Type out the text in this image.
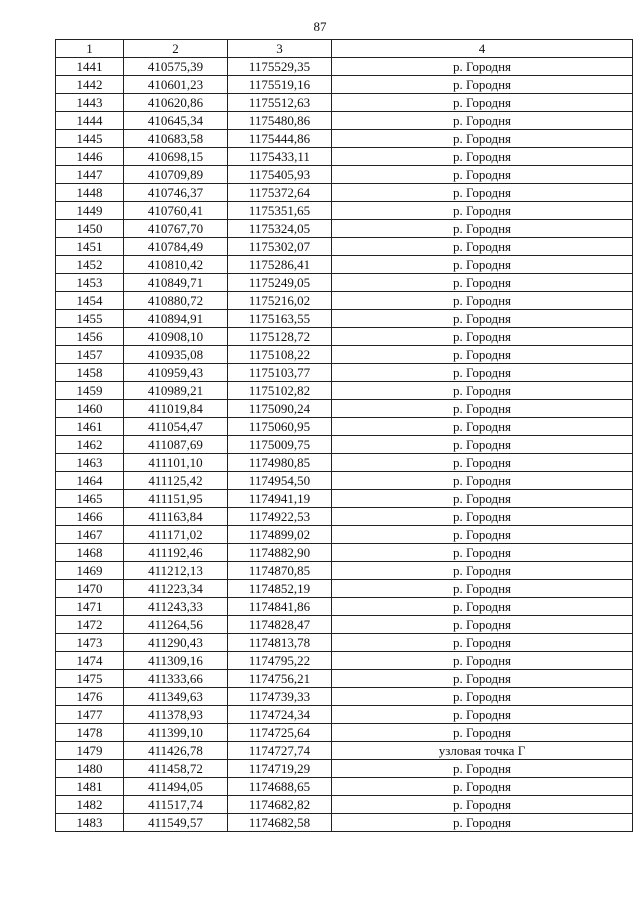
87
1	2	3	4
1441	410575,39	1175529,35	р. Городня
1442	410601,23	1175519,16	р. Городня
1443	410620,86	1175512,63	р. Городня
1444	410645,34	1175480,86	р. Городня
1445	410683,58	1175444,86	р. Городня
1446	410698,15	1175433,11	р. Городня
1447	410709,89	1175405,93	р. Городня
1448	410746,37	1175372,64	р. Городня
1449	410760,41	1175351,65	р. Городня
1450	410767,70	1175324,05	р. Городня
1451	410784,49	1175302,07	р. Городня
1452	410810,42	1175286,41	р. Городня
1453	410849,71	1175249,05	р. Городня
1454	410880,72	1175216,02	р. Городня
1455	410894,91	1175163,55	р. Городня
1456	410908,10	1175128,72	р. Городня
1457	410935,08	1175108,22	р. Городня
1458	410959,43	1175103,77	р. Городня
1459	410989,21	1175102,82	р. Городня
1460	411019,84	1175090,24	р. Городня
1461	411054,47	1175060,95	р. Городня
1462	411087,69	1175009,75	р. Городня
1463	411101,10	1174980,85	р. Городня
1464	411125,42	1174954,50	р. Городня
1465	411151,95	1174941,19	р. Городня
1466	411163,84	1174922,53	р. Городня
1467	411171,02	1174899,02	р. Городня
1468	411192,46	1174882,90	р. Городня
1469	411212,13	1174870,85	р. Городня
1470	411223,34	1174852,19	р. Городня
1471	411243,33	1174841,86	р. Городня
1472	411264,56	1174828,47	р. Городня
1473	411290,43	1174813,78	р. Городня
1474	411309,16	1174795,22	р. Городня
1475	411333,66	1174756,21	р. Городня
1476	411349,63	1174739,33	р. Городня
1477	411378,93	1174724,34	р. Городня
1478	411399,10	1174725,64	р. Городня
1479	411426,78	1174727,74	узловая точка Г
1480	411458,72	1174719,29	р. Городня
1481	411494,05	1174688,65	р. Городня
1482	411517,74	1174682,82	р. Городня
1483	411549,57	1174682,58	р. Городня
